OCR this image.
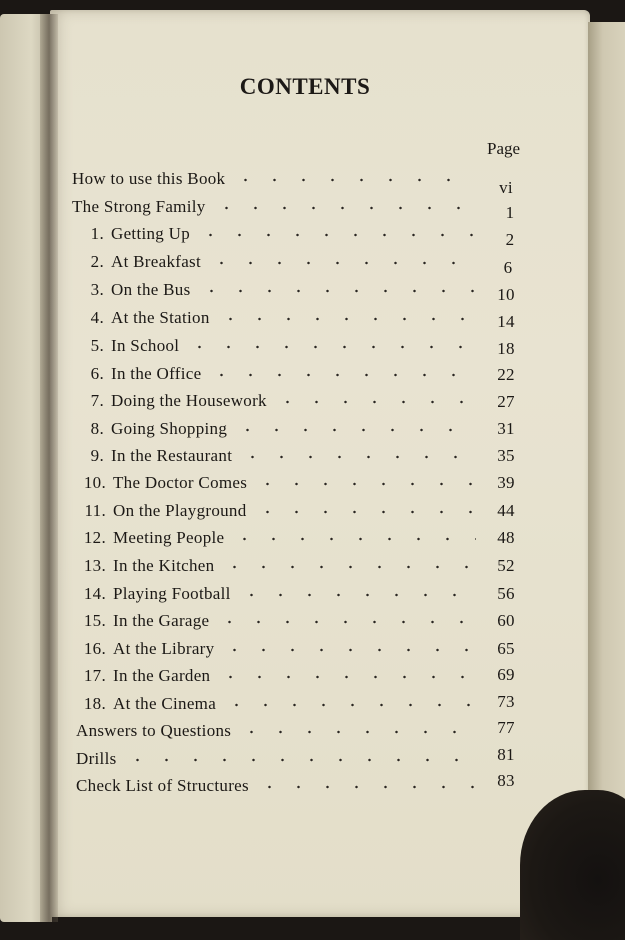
CONTENTS
Page
How to use this Book	vi
The Strong Family	1
1. Getting Up	2
2. At Breakfast	6
3. On the Bus	10
4. At the Station	14
5. In School	18
6. In the Office	22
7. Doing the Housework	27
8. Going Shopping	31
9. In the Restaurant	35
10. The Doctor Comes	39
11. On the Playground	44
12. Meeting People	48
13. In the Kitchen	52
14. Playing Football	56
15. In the Garage	60
16. At the Library	65
17. In the Garden	69
18. At the Cinema	73
Answers to Questions	77
Drills	81
Check List of Structures	83
